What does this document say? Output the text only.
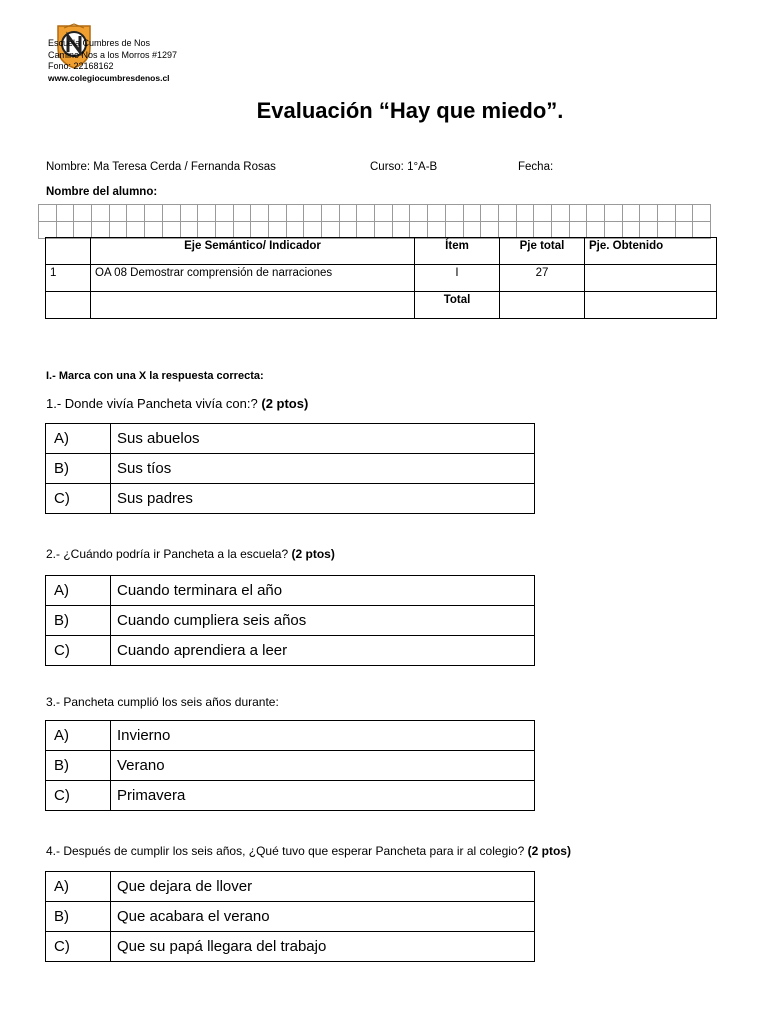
Escuela Cumbres de Nos
Camino Nos a los Morros #1297
Fono: 22168162
www.colegiocumbresdenos.cl
Evaluación “Hay que miedo”.
Nombre: Ma Teresa Cerda / Fernanda Rosas	Curso: 1°A-B	Fecha:
Nombre del alumno:

	Eje Semántico/ Indicador	Ítem	Pje total	Pje. Obtenido
1	OA 08 Demostrar comprensión de narraciones	I	27	
		Total		
I.- Marca con una X la respuesta correcta:
1.- Donde vivía Pancheta vivía con:? (2 ptos)
A)	Sus abuelos
B)	Sus tíos
C)	Sus padres
2.- ¿Cuándo podría ir Pancheta a la escuela? (2 ptos)
A)	Cuando terminara el año
B)	Cuando cumpliera seis años
C)	Cuando aprendiera a leer
3.- Pancheta cumplió los seis años durante:
A)	Invierno
B)	Verano
C)	Primavera
4.- Después de cumplir los seis años, ¿Qué tuvo que esperar Pancheta para ir al colegio? (2 ptos)
A)	Que dejara de llover
B)	Que acabara el verano
C)	Que su papá llegara del trabajo
